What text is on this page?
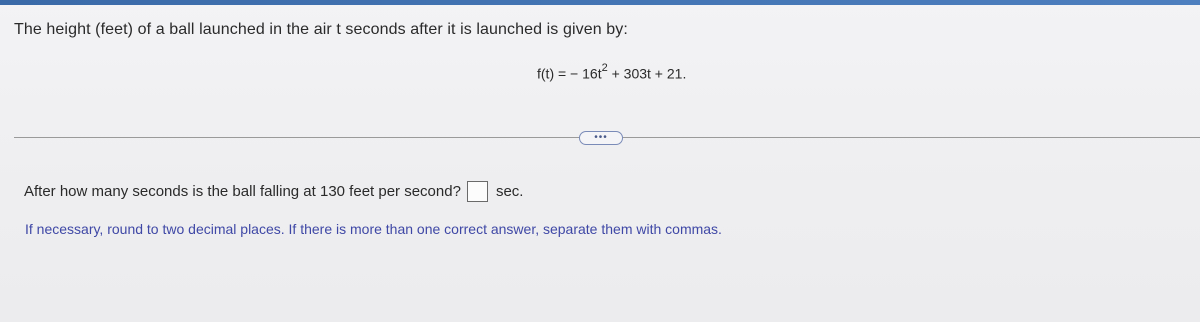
The height (feet) of a ball launched in the air t seconds after it is launched is given by:
f(t) = − $16t^2 + 303t + 21$.
•••
After how many seconds is the ball falling at 130 feet per second? sec.
If necessary, round to two decimal places. If there is more than one correct answer, separate them with commas.
